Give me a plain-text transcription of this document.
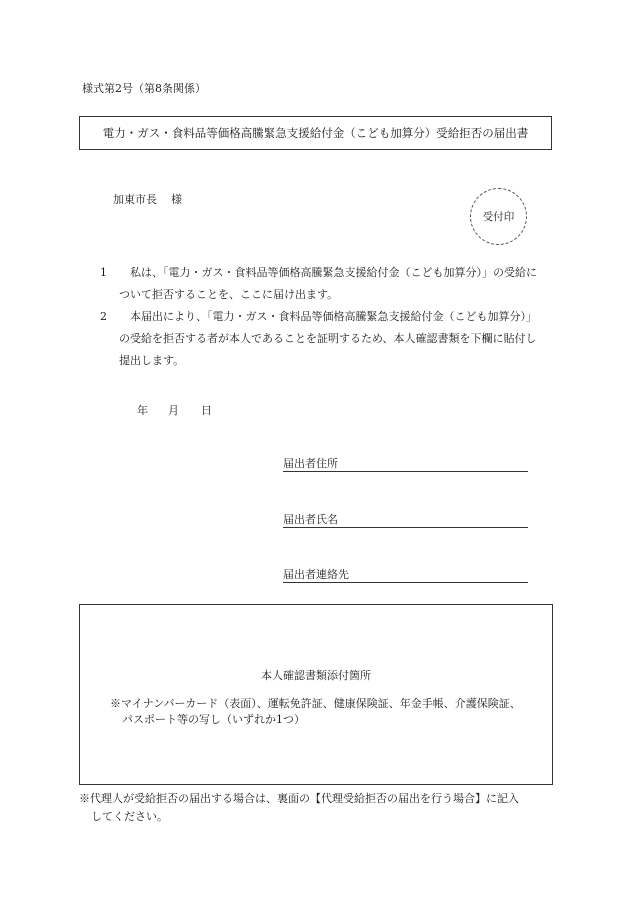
様式第2号（第8条関係）
電力・ガス・食料品等価格高騰緊急支援給付金（こども加算分）受給拒否の届出書
加東市長 様
受付印
1	私は、「電力・ガス・食料品等価格高騰緊急支援給付金（こども加算分）」の受給について拒否することを、ここに届け出ます。
2	本届出により、「電力・ガス・食料品等価格高騰緊急支援給付金（こども加算分）」の受給を拒否する者が本人であることを証明するため、本人確認書類を下欄に貼付し提出します。
年 月 日
届出者住所
届出者氏名
届出者連絡先
本人確認書類添付箇所
※マイナンバーカード（表面）、運転免許証、健康保険証、年金手帳、介護保険証、
パスポート等の写し（いずれか1つ）
※代理人が受給拒否の届出する場合は、裏面の【代理受給拒否の届出を行う場合】に記入
してください。
